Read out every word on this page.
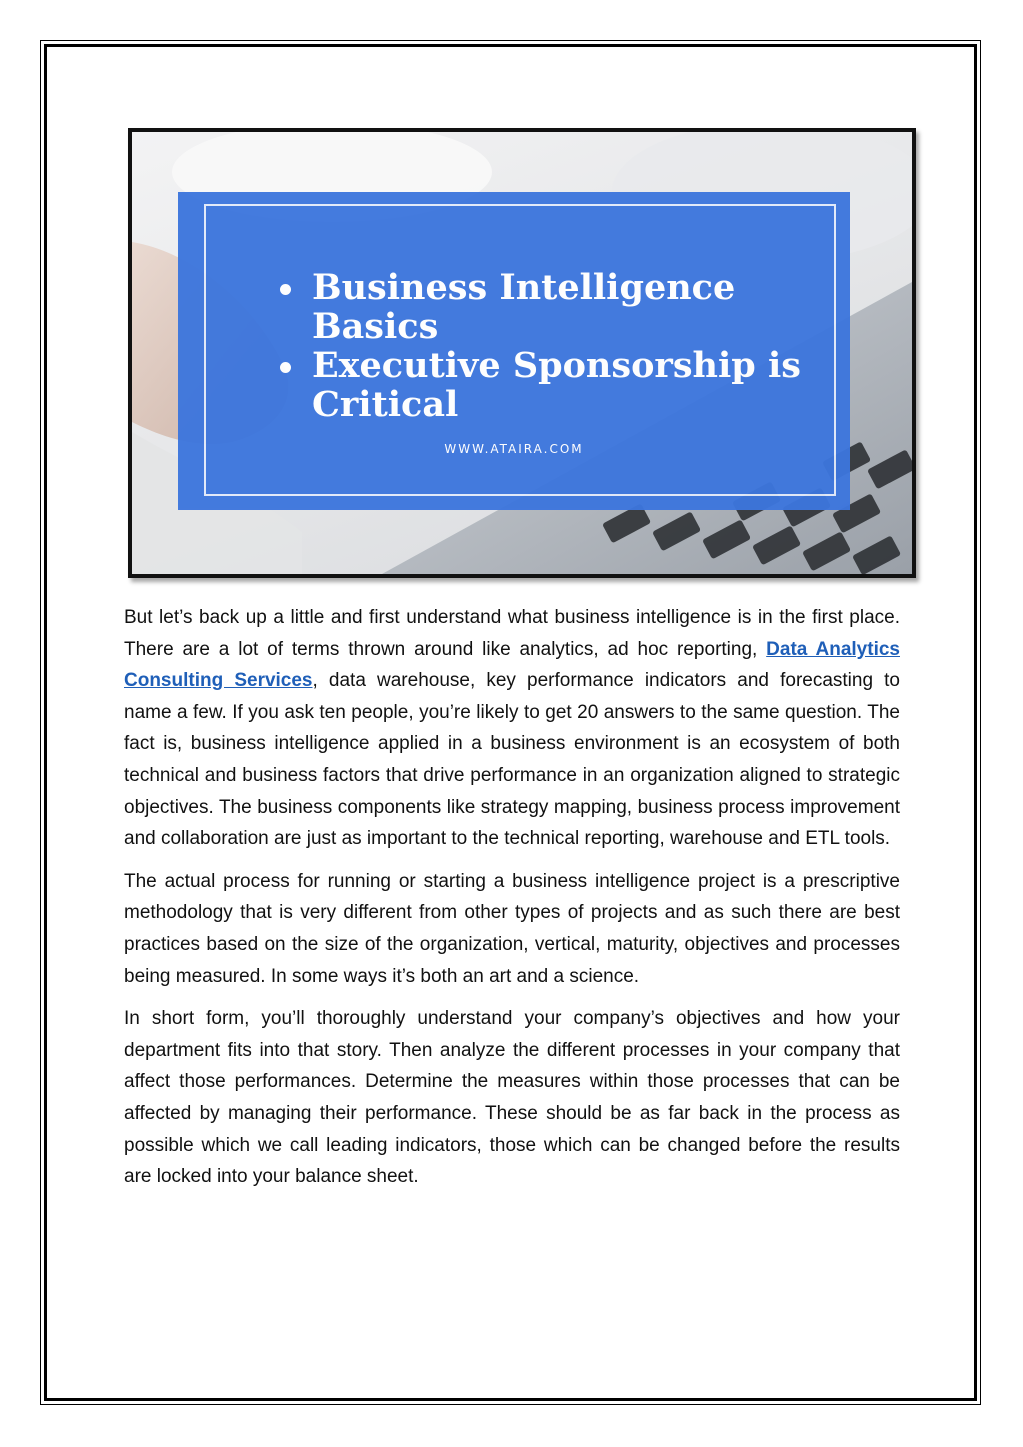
Business Intelligence Basics
Executive Sponsorship is Critical
WWW.ATAIRA.COM

But let’s back up a little and first understand what business intelligence is in the first place. There are a lot of terms thrown around like analytics, ad hoc reporting, Data Analytics Consulting Services, data warehouse, key performance indicators and forecasting to name a few. If you ask ten people, you’re likely to get 20 answers to the same question. The fact is, business intelligence applied in a business environment is an ecosystem of both technical and business factors that drive performance in an organization aligned to strategic objectives. The business components like strategy mapping, business process improvement and collaboration are just as important to the technical reporting, warehouse and ETL tools.

The actual process for running or starting a business intelligence project is a prescriptive methodology that is very different from other types of projects and as such there are best practices based on the size of the organization, vertical, maturity, objectives and processes being measured. In some ways it’s both an art and a science.

In short form, you’ll thoroughly understand your company’s objectives and how your department fits into that story. Then analyze the different processes in your company that affect those performances. Determine the measures within those processes that can be affected by managing their performance. These should be as far back in the process as possible which we call leading indicators, those which can be changed before the results are locked into your balance sheet.
